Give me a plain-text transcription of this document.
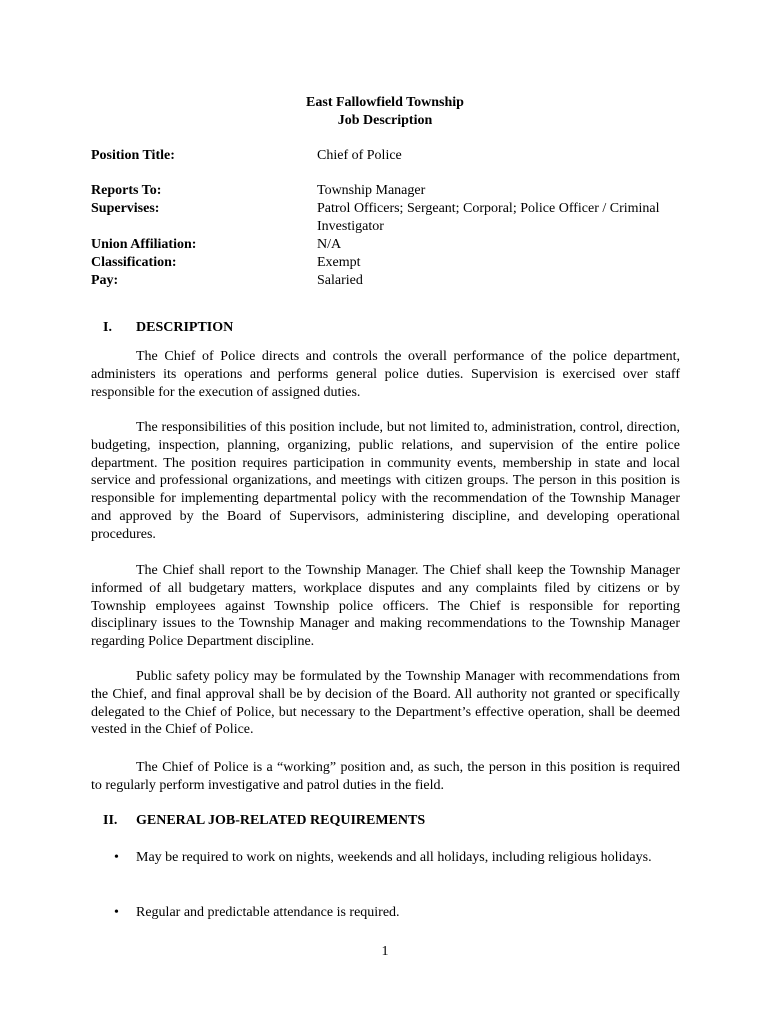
East Fallowfield Township
Job Description
Position Title:	Chief of Police
Reports To:	Township Manager
Supervises:	Patrol Officers; Sergeant; Corporal; Police Officer / Criminal Investigator
Union Affiliation:	N/A
Classification:	Exempt
Pay:	Salaried
I. DESCRIPTION

The Chief of Police directs and controls the overall performance of the police department, administers its operations and performs general police duties. Supervision is exercised over staff responsible for the execution of assigned duties.

The responsibilities of this position include, but not limited to, administration, control, direction, budgeting, inspection, planning, organizing, public relations, and supervision of the entire police department. The position requires participation in community events, membership in state and local service and professional organizations, and meetings with citizen groups. The person in this position is responsible for implementing departmental policy with the recommendation of the Township Manager and approved by the Board of Supervisors, administering discipline, and developing operational procedures.

The Chief shall report to the Township Manager. The Chief shall keep the Township Manager informed of all budgetary matters, workplace disputes and any complaints filed by citizens or by Township employees against Township police officers. The Chief is responsible for reporting disciplinary issues to the Township Manager and making recommendations to the Township Manager regarding Police Department discipline.

Public safety policy may be formulated by the Township Manager with recommendations from the Chief, and final approval shall be by decision of the Board. All authority not granted or specifically delegated to the Chief of Police, but necessary to the Department’s effective operation, shall be deemed vested in the Chief of Police.

The Chief of Police is a “working” position and, as such, the person in this position is required to regularly perform investigative and patrol duties in the field.

II. GENERAL JOB-RELATED REQUIREMENTS
• May be required to work on nights, weekends and all holidays, including religious holidays.
• Regular and predictable attendance is required.
1
